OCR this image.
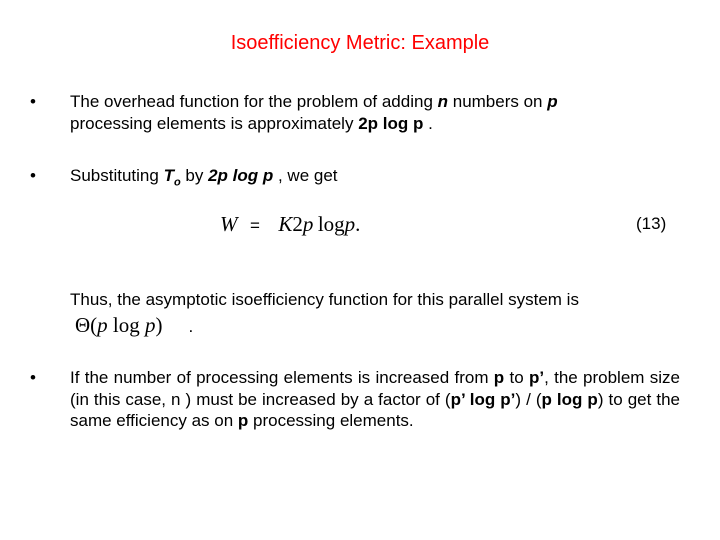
Isoefficiency Metric: Example
• The overhead function for the problem of adding n numbers on p
processing elements is approximately 2p log p .
• Substituting $T_o$ by 2p log p , we get
W = K2p logp.	(13)
Thus, the asymptotic isoefficiency function for this parallel system is
Θ(p log p) .
• If the number of processing elements is increased from p to p’, the problem size (in this case, n ) must be increased by a factor of (p’ log p’) / (p log p) to get the same efficiency as on p processing elements.
